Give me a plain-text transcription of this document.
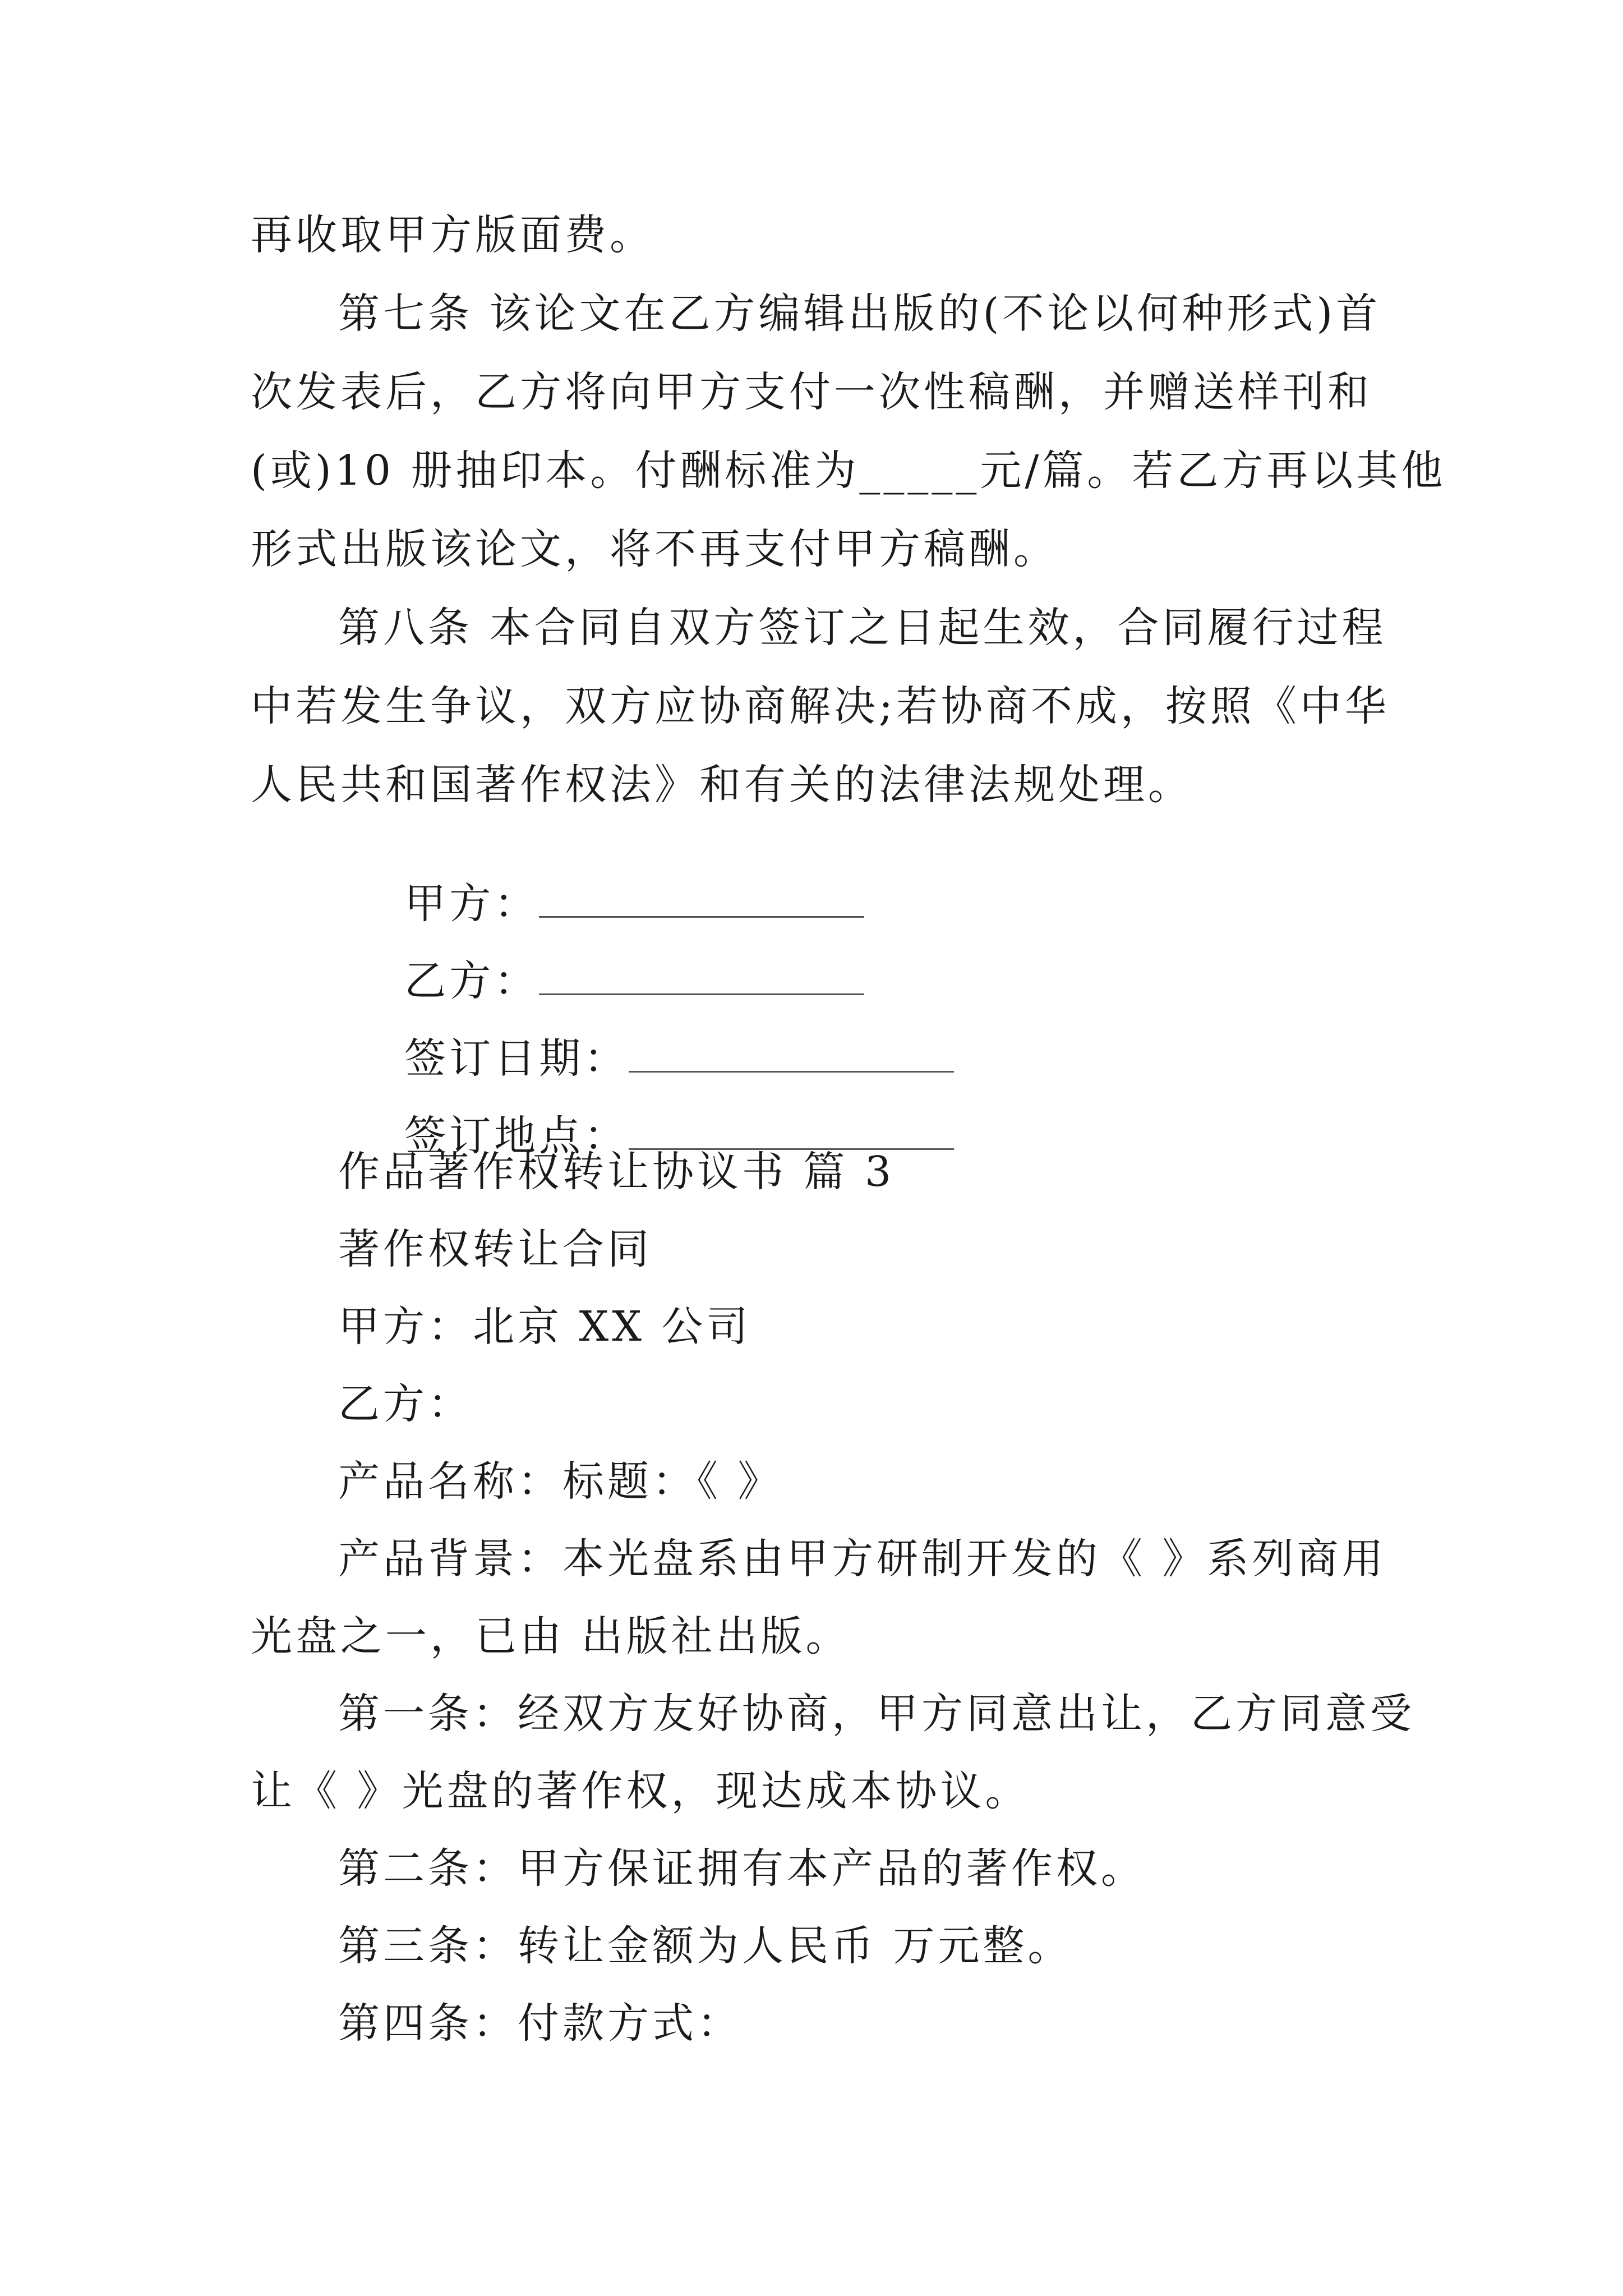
再收取甲方版面费。
第七条 该论文在乙方编辑出版的(不论以何种形式)首
次发表后，乙方将向甲方支付一次性稿酬，并赠送样刊和
(或)10 册抽印本。付酬标准为_____元/篇。若乙方再以其他
形式出版该论文，将不再支付甲方稿酬。
第八条 本合同自双方签订之日起生效，合同履行过程
中若发生争议，双方应协商解决;若协商不成，按照《中华
人民共和国著作权法》和有关的法律法规处理。

甲方：

乙方：

签订日期：

签订地点：

作品著作权转让协议书 篇 3
著作权转让合同
甲方：北京 XX 公司
乙方：
产品名称：标题：《 》
产品背景：本光盘系由甲方研制开发的《 》系列商用
光盘之一，已由 出版社出版。
第一条：经双方友好协商，甲方同意出让，乙方同意受
让《 》光盘的著作权，现达成本协议。
第二条：甲方保证拥有本产品的著作权。
第三条：转让金额为人民币 万元整。
第四条：付款方式：
